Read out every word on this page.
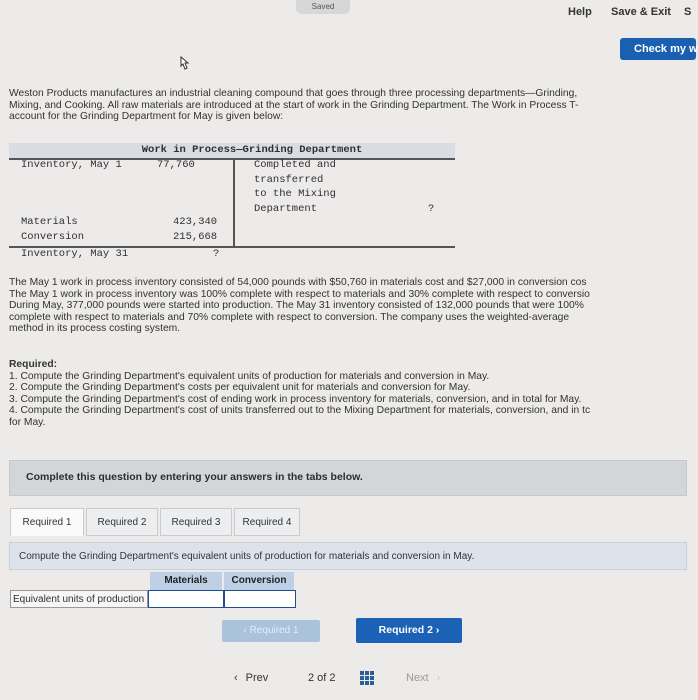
Saved	Help Save & Exit S
Check my w
Weston Products manufactures an industrial cleaning compound that goes through three processing departments—Grinding,
Mixing, and Cooking. All raw materials are introduced at the start of work in the Grinding Department. The Work in Process T-
account for the Grinding Department for May is given below:
Work in Process—Grinding Department
Inventory, May 1	77,760	Completed and
transferred
to the Mixing
Department	?
Materials	423,340
Conversion	215,668
Inventory, May 31	?
The May 1 work in process inventory consisted of 54,000 pounds with $50,760 in materials cost and $27,000 in conversion cos
The May 1 work in process inventory was 100% complete with respect to materials and 30% complete with respect to conversio
During May, 377,000 pounds were started into production. The May 31 inventory consisted of 132,000 pounds that were 100%
complete with respect to materials and 70% complete with respect to conversion. The company uses the weighted-average
method in its process costing system.
Required:
1. Compute the Grinding Department's equivalent units of production for materials and conversion in May.
2. Compute the Grinding Department's costs per equivalent unit for materials and conversion for May.
3. Compute the Grinding Department's cost of ending work in process inventory for materials, conversion, and in total for May.
4. Compute the Grinding Department's cost of units transferred out to the Mixing Department for materials, conversion, and in tc
for May.
Complete this question by entering your answers in the tabs below.
Required 1	Required 2	Required 3	Required 4
Compute the Grinding Department's equivalent units of production for materials and conversion in May.
Materials	Conversion
Equivalent units of production
‹ Required 1	Required 2 ›
‹ Prev	2 of 2	Next ›
